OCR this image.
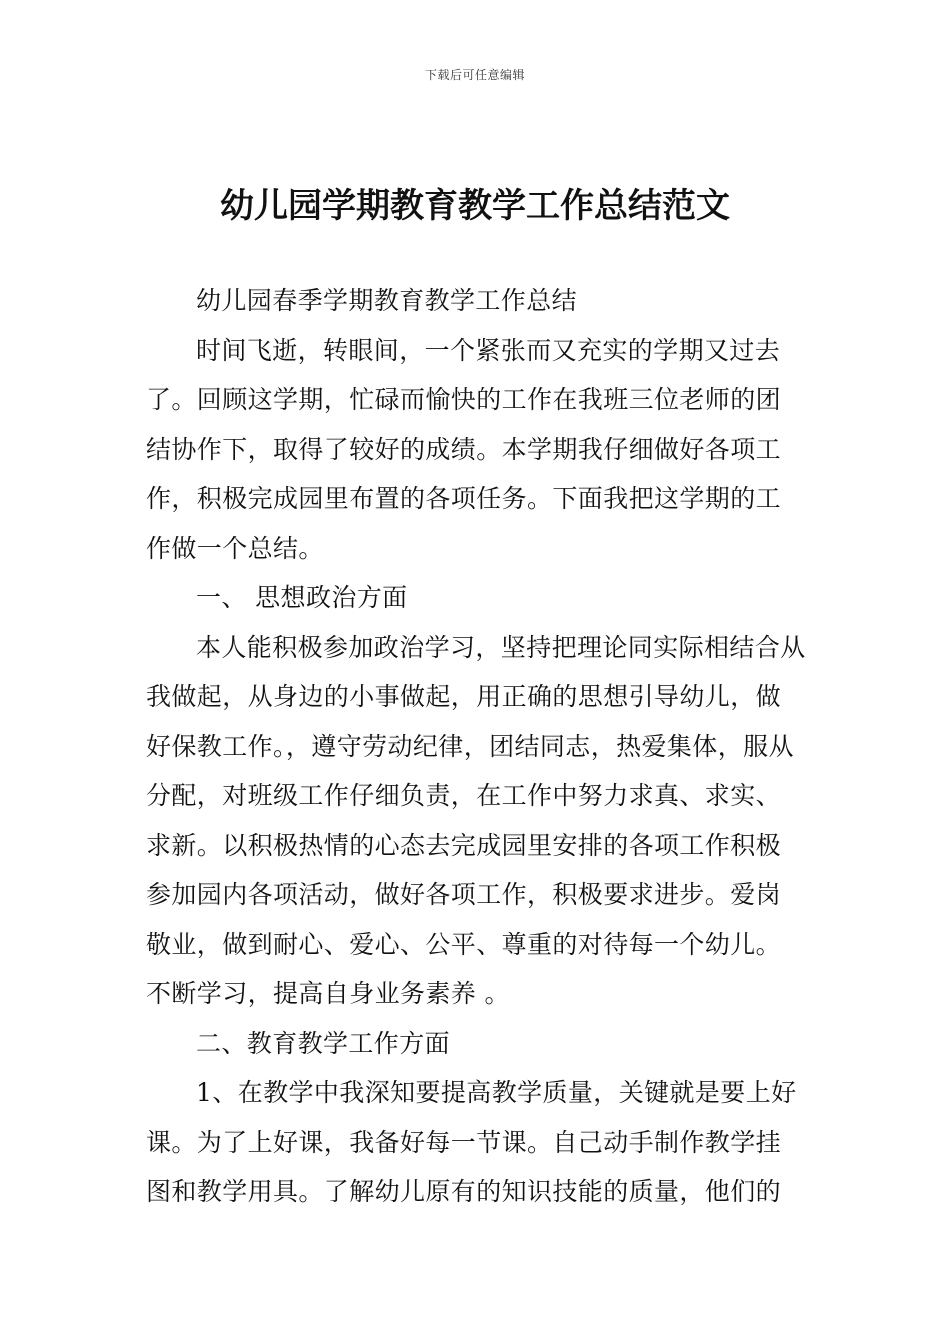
下载后可任意编辑
幼儿园学期教育教学工作总结范文

幼儿园春季学期教育教学工作总结

时间飞逝，转眼间，一个紧张而又充实的学期又过去了。回顾这学期，忙碌而愉快的工作在我班三位老师的团结协作下，取得了较好的成绩。本学期我仔细做好各项工作，积极完成园里布置的各项任务。下面我把这学期的工作做一个总结。

一、 思想政治方面

本人能积极参加政治学习，坚持把理论同实际相结合从我做起，从身边的小事做起，用正确的思想引导幼儿，做好保教工作。，遵守劳动纪律，团结同志，热爱集体，服从分配，对班级工作仔细负责，在工作中努力求真、求实、求新。以积极热情的心态去完成园里安排的各项工作积极参加园内各项活动，做好各项工作，积极要求进步。爱岗敬业，做到耐心、爱心、公平、尊重的对待每一个幼儿。不断学习，提高自身业务素养 。

二、教育教学工作方面

1、在教学中我深知要提高教学质量，关键就是要上好课。为了上好课，我备好每一节课。自己动手制作教学挂图和教学用具。了解幼儿原有的知识技能的质量，他们的
